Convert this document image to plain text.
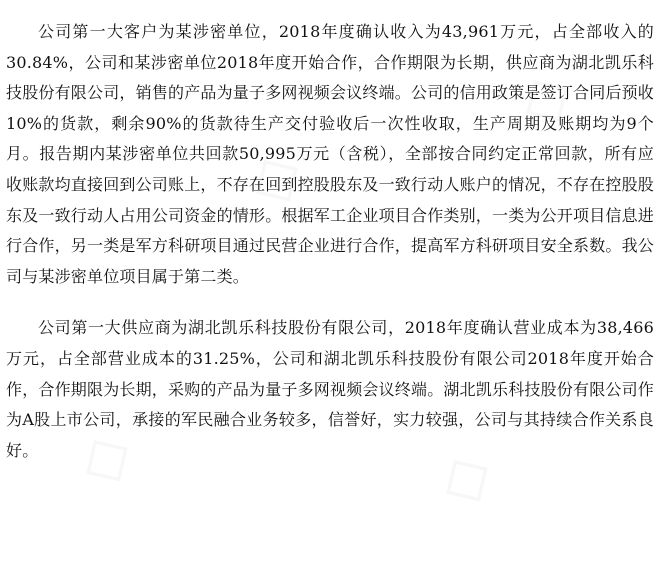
◇
◇
◇	◇

公司第一大客户为某涉密单位，2018年度确认收入为43,961万元，占全部收入的30.84%，公司和某涉密单位2018年度开始合作，合作期限为长期，供应商为湖北凯乐科技股份有限公司，销售的产品为量子多网视频会议终端。公司的信用政策是签订合同后预收10%的货款，剩余90%的货款待生产交付验收后一次性收取，生产周期及账期均为9个月。报告期内某涉密单位共回款50,995万元（含税），全部按合同约定正常回款，所有应收账款均直接回到公司账上，不存在回到控股股东及一致行动人账户的情况，不存在控股股东及一致行动人占用公司资金的情形。根据军工企业项目合作类别，一类为公开项目信息进行合作，另一类是军方科研项目通过民营企业进行合作，提高军方科研项目安全系数。我公司与某涉密单位项目属于第二类。

公司第一大供应商为湖北凯乐科技股份有限公司，2018年度确认营业成本为38,466万元，占全部营业成本的31.25%，公司和湖北凯乐科技股份有限公司2018年度开始合作，合作期限为长期，采购的产品为量子多网视频会议终端。湖北凯乐科技股份有限公司作为A股上市公司，承接的军民融合业务较多，信誉好，实力较强，公司与其持续合作关系良好。
